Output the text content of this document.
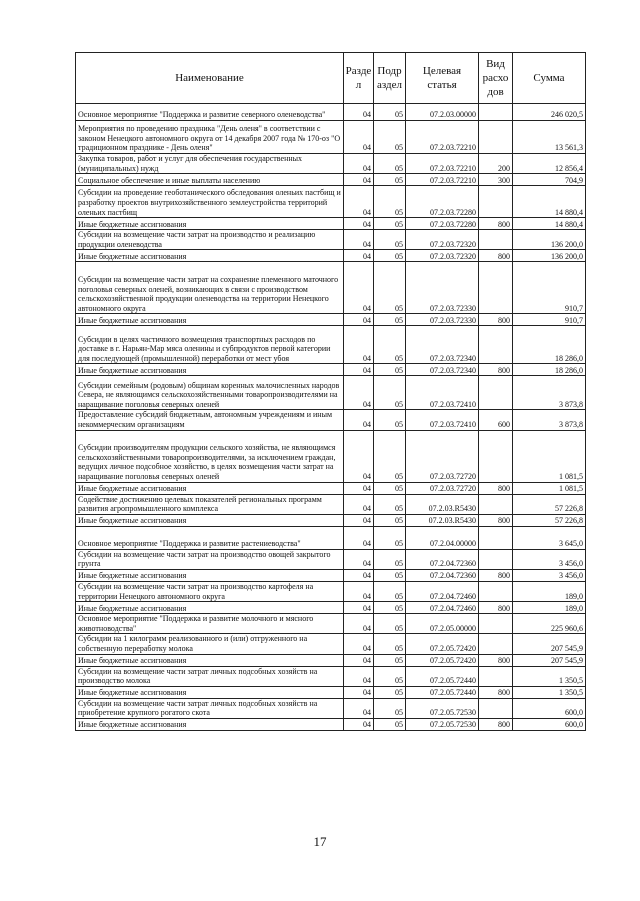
Наименование	Разде л	Подр аздел	Целевая статья	Вид расхо дов	Сумма
Основное мероприятие "Поддержка и развитие северного оленеводства"	04	05	07.2.03.00000		246 020,5
Мероприятия по проведению праздника "День оленя" в соответствии с законом Ненецкого автономного округа от 14 декабря 2007 года № 170-оз "О традиционном празднике - День оленя"	04	05	07.2.03.72210		13 561,3
Закупка товаров, работ и услуг для обеспечения государственных (муниципальных) нужд	04	05	07.2.03.72210	200	12 856,4
Социальное обеспечение и иные выплаты населению	04	05	07.2.03.72210	300	704,9
Субсидии на проведение геоботанического обследования оленьих пастбищ и разработку проектов внутрихозяйственного землеустройства территорий оленьих пастбищ	04	05	07.2.03.72280		14 880,4
Иные бюджетные ассигнования	04	05	07.2.03.72280	800	14 880,4
Субсидии на возмещение части затрат на производство и реализацию продукции оленеводства	04	05	07.2.03.72320		136 200,0
Иные бюджетные ассигнования	04	05	07.2.03.72320	800	136 200,0
Субсидии на возмещение части затрат на сохранение племенного маточного поголовья северных оленей, возникающих в связи с производством сельскохозяйственной продукции оленеводства на территории Ненецкого автономного округа	04	05	07.2.03.72330		910,7
Иные бюджетные ассигнования	04	05	07.2.03.72330	800	910,7
Субсидии в целях частичного возмещения транспортных расходов по доставке в г. Нарьян-Мар мяса оленины и субпродуктов первой категории для последующей (промышленной) переработки от мест убоя	04	05	07.2.03.72340		18 286,0
Иные бюджетные ассигнования	04	05	07.2.03.72340	800	18 286,0
Субсидии семейным (родовым) общинам коренных малочисленных народов Севера, не являющимся сельскохозяйственными товаропроизводителями на наращивание поголовья северных оленей	04	05	07.2.03.72410		3 873,8
Предоставление субсидий бюджетным, автономным учреждениям и иным некоммерческим организациям	04	05	07.2.03.72410	600	3 873,8
Субсидии производителям продукции сельского хозяйства, не являющимся сельскохозяйственными товаропроизводителями, за исключением граждан, ведущих личное подсобное хозяйство, в целях возмещения части затрат на наращивание поголовья северных оленей	04	05	07.2.03.72720		1 081,5
Иные бюджетные ассигнования	04	05	07.2.03.72720	800	1 081,5
Содействие достижению целевых показателей региональных программ развития агропромышленного комплекса	04	05	07.2.03.R5430		57 226,8
Иные бюджетные ассигнования	04	05	07.2.03.R5430	800	57 226,8
Основное мероприятие "Поддержка и развитие растениеводства"	04	05	07.2.04.00000		3 645,0
Субсидии на возмещение части затрат на производство овощей закрытого грунта	04	05	07.2.04.72360		3 456,0
Иные бюджетные ассигнования	04	05	07.2.04.72360	800	3 456,0
Субсидии на возмещение части затрат на производство картофеля на территории Ненецкого автономного округа	04	05	07.2.04.72460		189,0
Иные бюджетные ассигнования	04	05	07.2.04.72460	800	189,0
Основное мероприятие "Поддержка и развитие молочного и мясного животноводства"	04	05	07.2.05.00000		225 960,6
Субсидии на 1 килограмм реализованного и (или) отгруженного на собственную переработку молока	04	05	07.2.05.72420		207 545,9
Иные бюджетные ассигнования	04	05	07.2.05.72420	800	207 545,9
Субсидии на возмещение части затрат личных подсобных хозяйств на производство молока	04	05	07.2.05.72440		1 350,5
Иные бюджетные ассигнования	04	05	07.2.05.72440	800	1 350,5
Субсидии на возмещение части затрат личных подсобных хозяйств на приобретение крупного рогатого скота	04	05	07.2.05.72530		600,0
Иные бюджетные ассигнования	04	05	07.2.05.72530	800	600,0
17
